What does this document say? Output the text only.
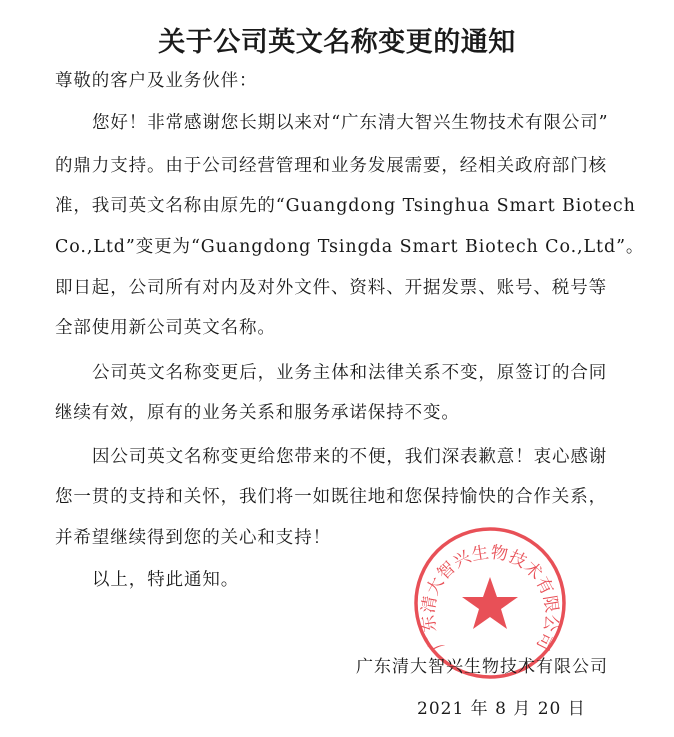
关于公司英文名称变更的通知
尊敬的客户及业务伙伴：
您好！非常感谢您长期以来对“广东清大智兴生物技术有限公司”
的鼎力支持。由于公司经营管理和业务发展需要，经相关政府部门核
准，我司英文名称由原先的“Guangdong Tsinghua Smart Biotech
Co.,Ltd”变更为“Guangdong Tsingda Smart Biotech Co.,Ltd”。
即日起，公司所有对内及对外文件、资料、开据发票、账号、税号等
全部使用新公司英文名称。
公司英文名称变更后，业务主体和法律关系不变，原签订的合同
继续有效，原有的业务关系和服务承诺保持不变。
因公司英文名称变更给您带来的不便，我们深表歉意！衷心感谢
您一贯的支持和关怀，我们将一如既往地和您保持愉快的合作关系，
并希望继续得到您的关心和支持！
以上，特此通知。
广东清大智兴生物技术有限公司
广东清大智兴生物技术有限公司
2021 年 8 月 20 日
